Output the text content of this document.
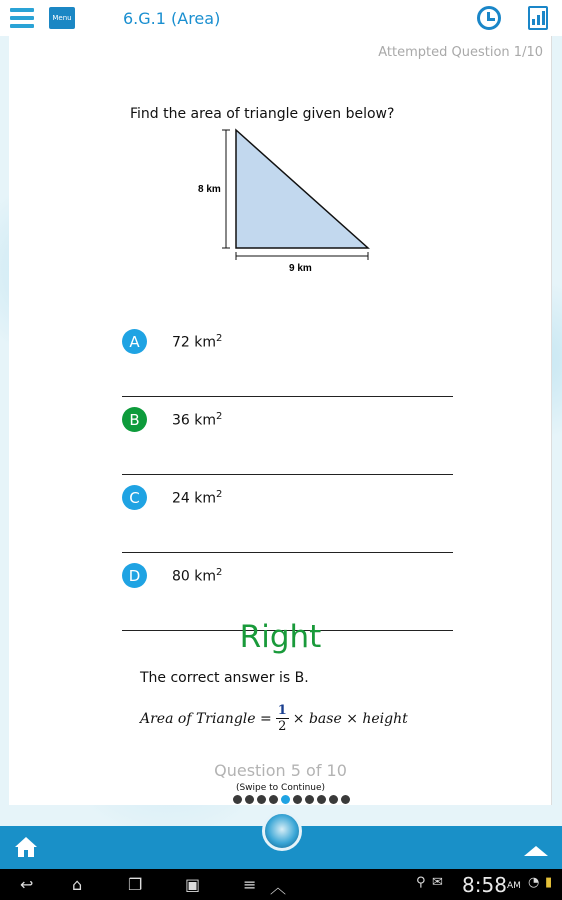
Menu	6.G.1 (Area)
Attempted Question 1/10
Find the area of triangle given below?
8 km
9 km
A	72 $km^2$
B	36 $km^2$
C	24 $km^2$
D	80 $km^2$
Right
The correct answer is B.
Area of Triangle = $\frac{1}{2}$ × base × height
Question 5 of 10
(Swipe to Continue)
↩ ⌂	❐	▣	≡ ︿	⚲ ✉ 8:58 AM ◔ ▮
